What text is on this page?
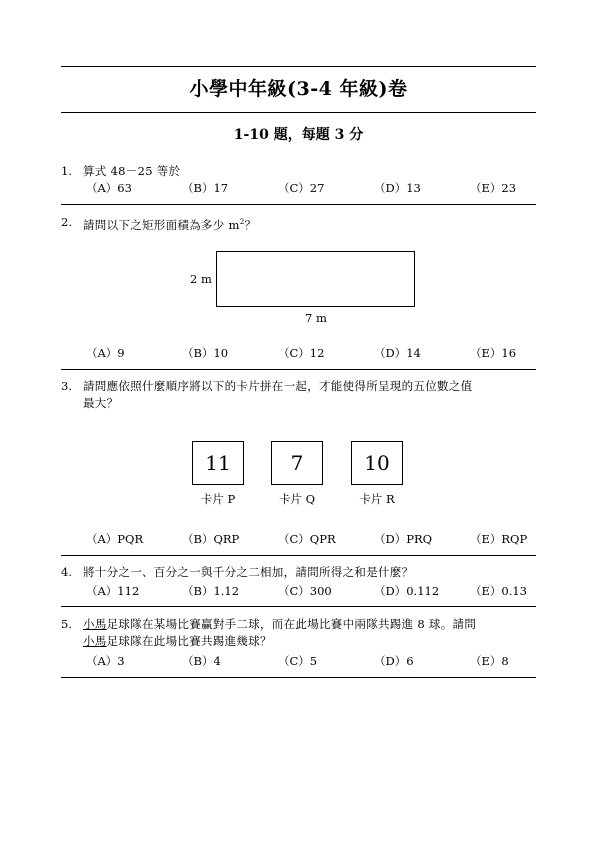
小學中年級(3-4 年級)卷
1-10 題，每題 3 分
1. 算式 48－25 等於
（A）63	（B）17	（C）27	（D）13	（E）23
2. 請問以下之矩形面積為多少 $m^2$？
2 m
7 m
（A）9	（B）10	（C）12	（D）14	（E）16
3. 請問應依照什麼順序將以下的卡片拼在一起，才能使得所呈現的五位數之值
最大？
11	7	10
卡片 P	卡片 Q	卡片 R
（A）PQR	（B）QRP	（C）QPR	（D）PRQ	（E）RQP
4. 將十分之一、百分之一與千分之二相加，請問所得之和是什麼？
（A）112	（B）1.12	（C）300	（D）0.112	（E）0.13
5. 小馬足球隊在某場比賽贏對手二球，而在此場比賽中兩隊共踢進 8 球。請問
小馬足球隊在此場比賽共踢進幾球？
（A）3	（B）4	（C）5	（D）6	（E）8
